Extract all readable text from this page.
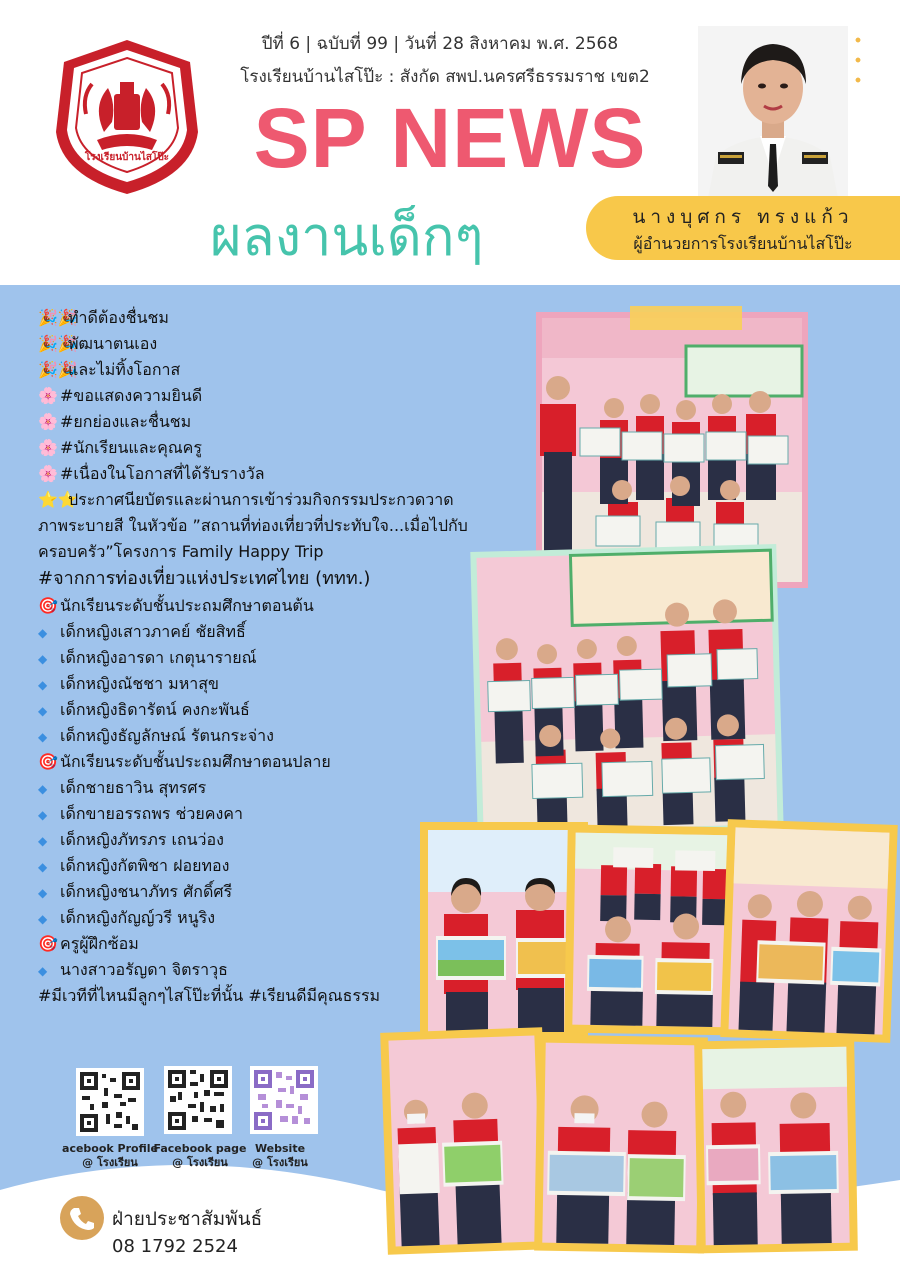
โรงเรียนบ้านไสโป๊ะ
ปีที่ 6 | ฉบับที่ 99 | วันที่ 28 สิงหาคม พ.ศ. 2568
โรงเรียนบ้านไสโป๊ะ : สังกัด สพป.นครศรีธรรมราช เขต2
SP NEWS
ผลงานเด็กๆ	นางบุศกร ทรงแก้ว
ผู้อำนวยการโรงเรียนบ้านไสโป๊ะ
🎉🎉ทำดีต้องชื่นชม
🎉🎉พัฒนาตนเอง
🎉🎉และไม่ทิ้งโอกาส
🌸 #ขอแสดงความยินดี
🌸 #ยกย่องและชื่นชม
🌸 #นักเรียนและคุณครู
🌸 #เนื่องในโอกาสที่ได้รับรางวัล
⭐⭐ประกาศนียบัตรและผ่านการเข้าร่วมกิจกรรมประกวดวาด
ภาพระบายสี ในหัวข้อ ”สถานที่ท่องเที่ยวที่ประทับใจ...เมื่อไปกับ
ครอบครัว”โครงการ Family Happy Trip
#จากการท่องเที่ยวแห่งประเทศไทย (ททท.)
🎯 นักเรียนระดับชั้นประถมศึกษาตอนต้น
◆ เด็กหญิงเสาวภาคย์ ชัยสิทธิ์
◆ เด็กหญิงอารดา เกตุนารายณ์
◆ เด็กหญิงณัชชา มหาสุข
◆ เด็กหญิงธิดารัตน์ คงกะพันธ์
◆ เด็กหญิงธัญลักษณ์ รัตนกระจ่าง
🎯 นักเรียนระดับชั้นประถมศึกษาตอนปลาย
◆ เด็กชายธาวิน สุทรศร
◆ เด็กขายอรรถพร ช่วยคงคา
◆ เด็กหญิงภัทรภร เถนว่อง
◆ เด็กหญิงกัตพิชา ฝอยทอง
◆ เด็กหญิงชนาภัทร ศักดิ์ศรี
◆ เด็กหญิงกัญญ์วรี หนูริง
🎯 ครูผู้ฝึกซ้อม
◆ นางสาวอรัญดา จิตราวุธ
#มีเวทีที่ไหนมีลูกๆไสโป๊ะที่นั้น #เรียนดีมีคุณธรรม
acebook Profile
@ โรงเรียน
Facebook page
@ โรงเรียน
Website
@ โรงเรียน
ฝ่ายประชาสัมพันธ์
08 1792 2524
